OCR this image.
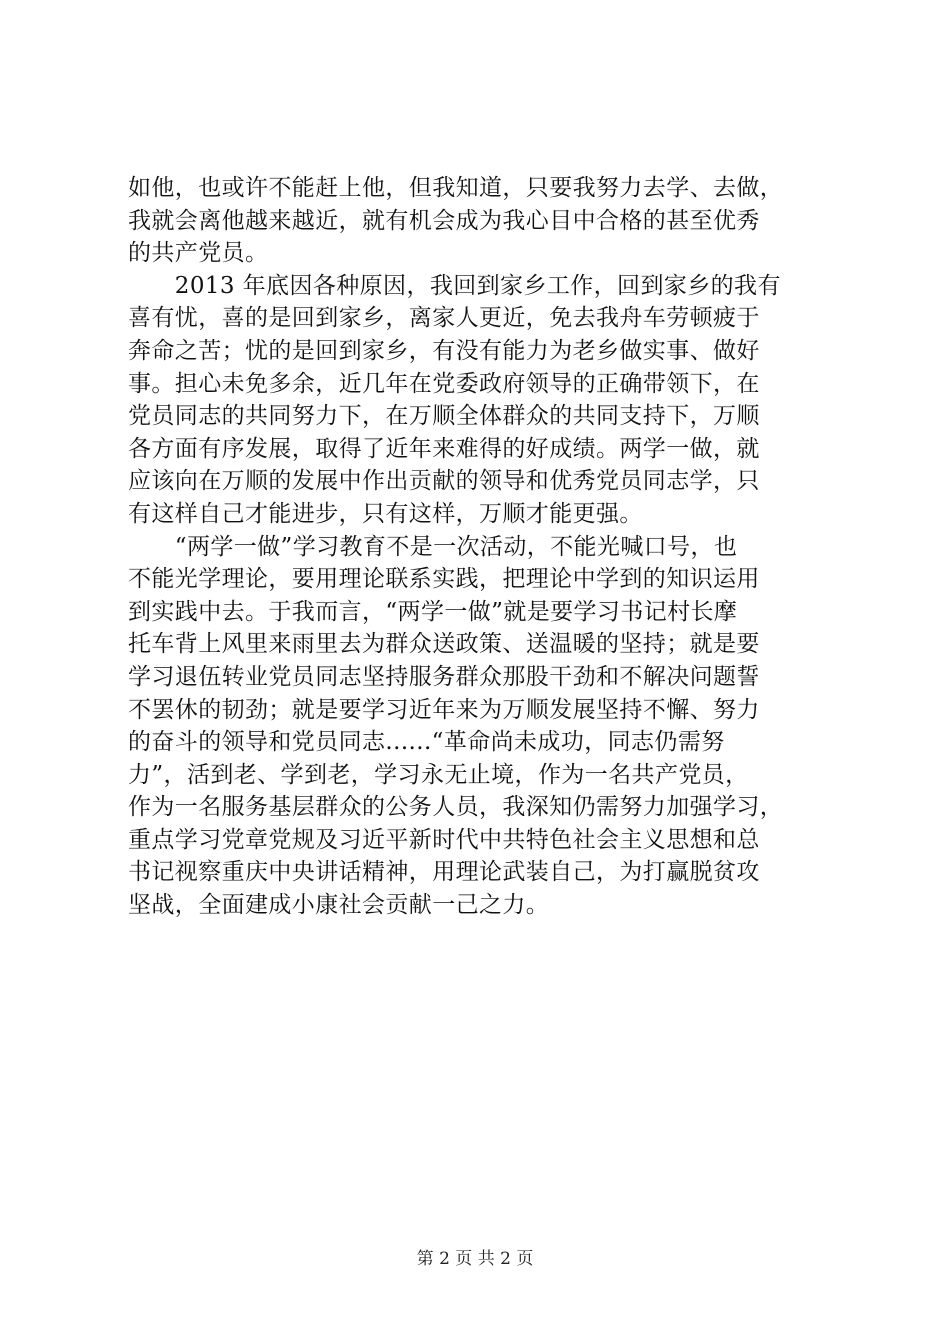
如他，也或许不能赶上他，但我知道，只要我努力去学、去做，
我就会离他越来越近，就有机会成为我心目中合格的甚至优秀
的共产党员。
　　2013 年底因各种原因，我回到家乡工作，回到家乡的我有
喜有忧，喜的是回到家乡，离家人更近，免去我舟车劳顿疲于
奔命之苦；忧的是回到家乡，有没有能力为老乡做实事、做好
事。担心未免多余，近几年在党委政府领导的正确带领下，在
党员同志的共同努力下，在万顺全体群众的共同支持下，万顺
各方面有序发展，取得了近年来难得的好成绩。两学一做，就
应该向在万顺的发展中作出贡献的领导和优秀党员同志学，只
有这样自己才能进步，只有这样，万顺才能更强。
　　“两学一做”学习教育不是一次活动，不能光喊口号，也
不能光学理论，要用理论联系实践，把理论中学到的知识运用
到实践中去。于我而言，“两学一做”就是要学习书记村长摩
托车背上风里来雨里去为群众送政策、送温暖的坚持；就是要
学习退伍转业党员同志坚持服务群众那股干劲和不解决问题誓
不罢休的韧劲；就是要学习近年来为万顺发展坚持不懈、努力
的奋斗的领导和党员同志......“革命尚未成功，同志仍需努
力”，活到老、学到老，学习永无止境，作为一名共产党员，
作为一名服务基层群众的公务人员，我深知仍需努力加强学习，
重点学习党章党规及习近平新时代中共特色社会主义思想和总
书记视察重庆中央讲话精神，用理论武装自己，为打赢脱贫攻
坚战，全面建成小康社会贡献一己之力。
第 2 页 共 2 页
